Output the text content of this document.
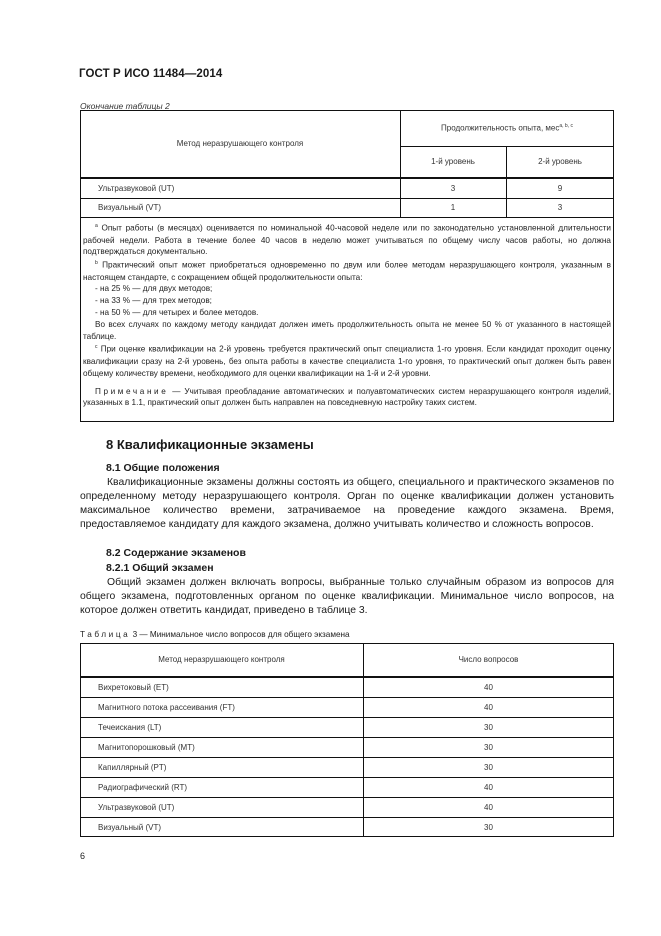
ГОСТ Р ИСО 11484—2014
Окончание таблицы 2
Метод неразрушающего контроля
Продолжительность опыта, мес$^{a, b, c}$
1-й уровень	2-й уровень
Ультразвуковой (UT)	3	9
Визуальный (VT)	1	3

$^a$ Опыт работы (в месяцах) оценивается по номинальной 40-часовой неделе или по законодательно установленной длительности рабочей недели. Работа в течение более 40 часов в неделю может учитываться по общему числу часов работы, но должна подтверждаться документально.

$^b$ Практический опыт может приобретаться одновременно по двум или более методам неразрушающего контроля, указанным в настоящем стандарте, с сокращением общей продолжительности опыта:

- на 25 % — для двух методов;

- на 33 % — для трех методов;

- на 50 % — для четырех и более методов.

Во всех случаях по каждому методу кандидат должен иметь продолжительность опыта не менее 50 % от указанного в настоящей таблице.

$^c$ При оценке квалификации на 2-й уровень требуется практический опыт специалиста 1-го уровня. Если кандидат проходит оценку квалификации сразу на 2-й уровень, без опыта работы в качестве специалиста 1-го уровня, то практический опыт должен быть равен общему количеству времени, необходимого для оценки квалификации на 1-й и 2-й уровни.

Примечание — Учитывая преобладание автоматических и полуавтоматических систем неразрушающего контроля изделий, указанных в 1.1, практический опыт должен быть направлен на повседневную настройку таких систем.

8 Квалификационные экзамены
8.1 Общие положения

Квалификационные экзамены должны состоять из общего, специального и практического экзаменов по определенному методу неразрушающего контроля. Орган по оценке квалификации должен установить максимальное количество времени, затрачиваемое на проведение каждого экзамена. Время, предоставляемое кандидату для каждого экзамена, должно учитывать количество и сложность вопросов.

8.2 Содержание экзаменов
8.2.1 Общий экзамен

Общий экзамен должен включать вопросы, выбранные только случайным образом из вопросов для общего экзамена, подготовленных органом по оценке квалификации. Минимальное число вопросов, на которое должен ответить кандидат, приведено в таблице 3.

Таблица 3 — Минимальное число вопросов для общего экзамена
Метод неразрушающего контроля	Число вопросов
Вихретоковый (ET)	40
Магнитного потока рассеивания (FT)	40
Течеискания (LT)	30
Магнитопорошковый (MT)	30
Капиллярный (PT)	30
Радиографический (RT)	40
Ультразвуковой (UT)	40
Визуальный (VT)	30
6
